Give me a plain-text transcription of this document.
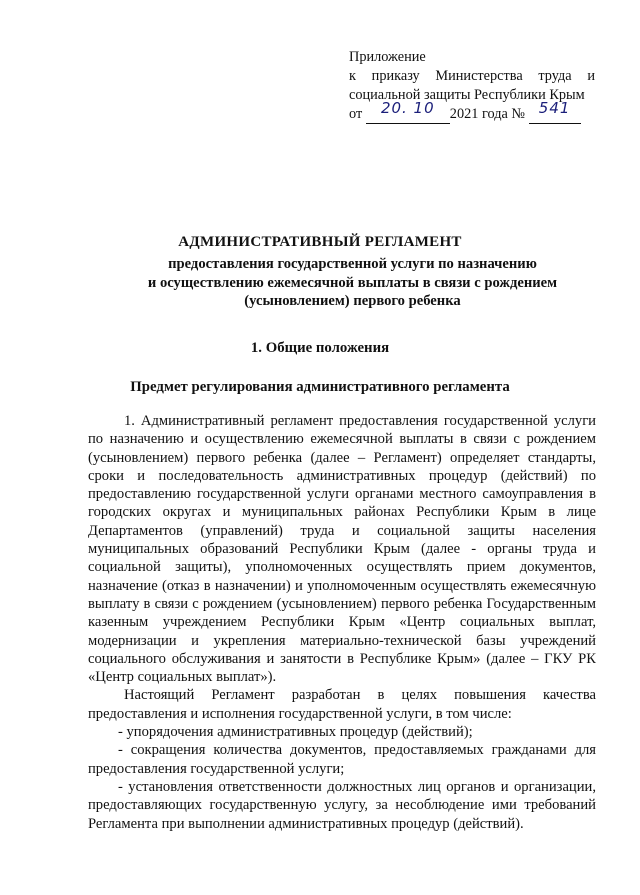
Приложение
к приказу Министерства труда и
социальной защиты Республики Крым
от	20. 10	2021 года № 541
АДМИНИСТРАТИВНЫЙ РЕГЛАМЕНТ
предоставления государственной услуги по назначению
и осуществлению ежемесячной выплаты в связи с рождением
(усыновлением) первого ребенка
1. Общие положения
Предмет регулирования административного регламента

1. Административный регламент предоставления государственной услуги по назначению и осуществлению ежемесячной выплаты в связи с рождением (усыновлением) первого ребенка (далее – Регламент) определяет стандарты, сроки и последовательность административных процедур (действий) по предоставлению государственной услуги органами местного самоуправления в городских округах и муниципальных районах Республики Крым в лице Департаментов (управлений) труда и социальной защиты населения муниципальных образований Республики Крым (далее - органы труда и социальной защиты), уполномоченных осуществлять прием документов, назначение (отказ в назначении) и уполномоченным осуществлять ежемесячную выплату в связи с рождением (усыновлением) первого ребенка Государственным казенным учреждением Республики Крым «Центр социальных выплат, модернизации и укрепления материально-технической базы учреждений социального обслуживания и занятости в Республике Крым» (далее – ГКУ РК «Центр социальных выплат»).

Настоящий Регламент разработан в целях повышения качества предоставления и исполнения государственной услуги, в том числе:

- упорядочения административных процедур (действий);

- сокращения количества документов, предоставляемых гражданами для предоставления государственной услуги;

- установления ответственности должностных лиц органов и организации, предоставляющих государственную услугу, за несоблюдение ими требований Регламента при выполнении административных процедур (действий).
